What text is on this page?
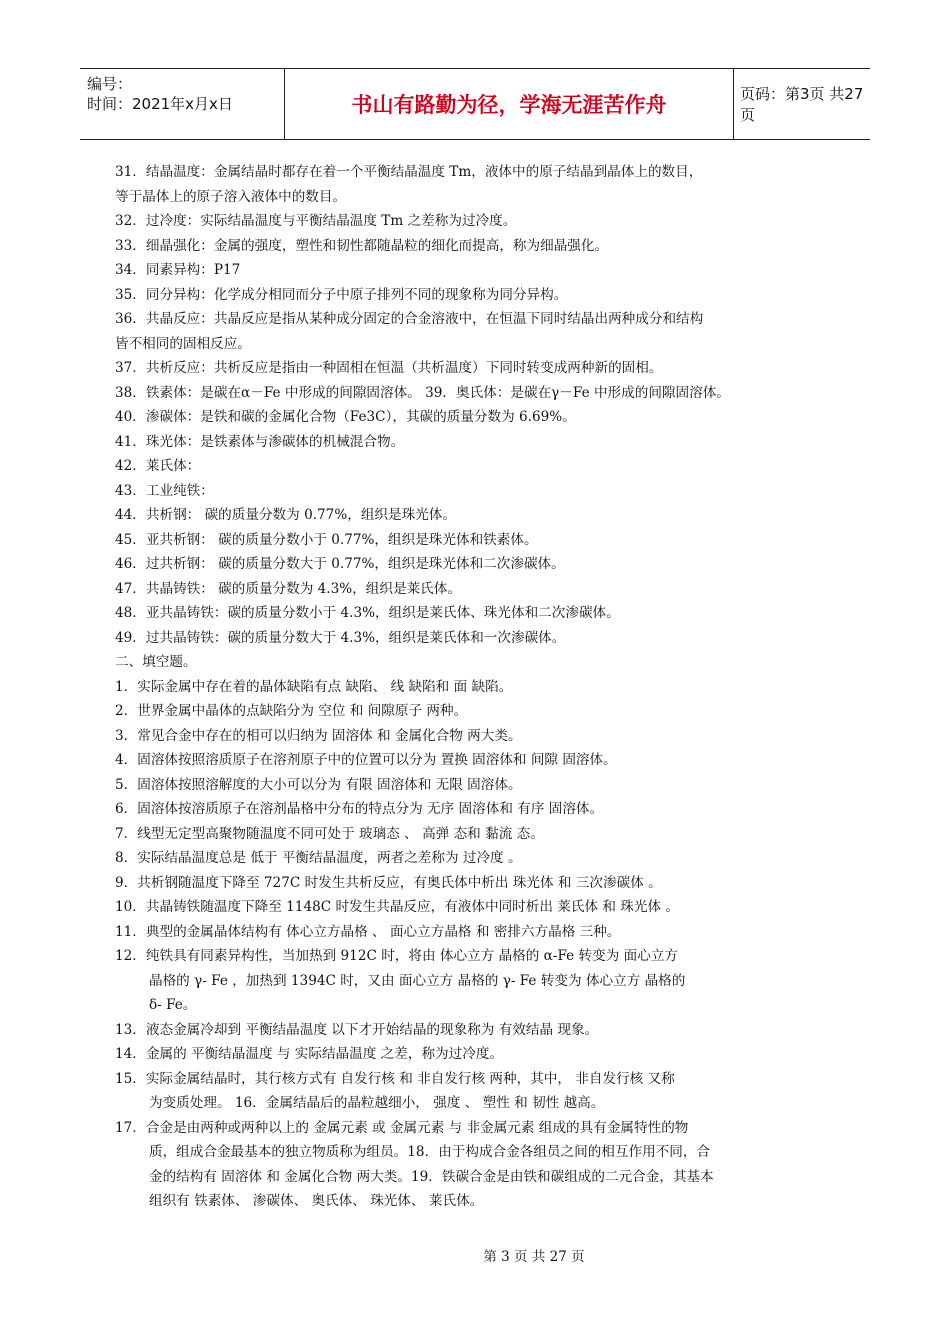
编号：
时间：2021年x月x日	书山有路勤为径，学海无涯苦作舟	页码：第3页 共27页
31．结晶温度：金属结晶时都存在着一个平衡结晶温度 Tm，液体中的原子结晶到晶体上的数目，
等于晶体上的原子溶入液体中的数目。
32．过冷度：实际结晶温度与平衡结晶温度 Tm 之差称为过冷度。
33．细晶强化：金属的强度，塑性和韧性都随晶粒的细化而提高，称为细晶强化。
34．同素异构：P17
35．同分异构：化学成分相同而分子中原子排列不同的现象称为同分异构。
36．共晶反应：共晶反应是指从某种成分固定的合金溶液中，在恒温下同时结晶出两种成分和结构
皆不相同的固相反应。
37．共析反应：共析反应是指由一种固相在恒温（共析温度）下同时转变成两种新的固相。
38．铁素体：是碳在α－Fe 中形成的间隙固溶体。 39．奥氏体：是碳在γ－Fe 中形成的间隙固溶体。
40．渗碳体：是铁和碳的金属化合物（Fe3C），其碳的质量分数为 6.69%。
41．珠光体：是铁素体与渗碳体的机械混合物。
42．莱氏体：
43．工业纯铁：
44．共析钢： 碳的质量分数为 0.77%，组织是珠光体。
45．亚共析钢： 碳的质量分数小于 0.77%，组织是珠光体和铁素体。
46．过共析钢： 碳的质量分数大于 0.77%，组织是珠光体和二次渗碳体。
47．共晶铸铁： 碳的质量分数为 4.3%，组织是莱氏体。
48．亚共晶铸铁：碳的质量分数小于 4.3%，组织是莱氏体、珠光体和二次渗碳体。
49．过共晶铸铁：碳的质量分数大于 4.3%，组织是莱氏体和一次渗碳体。
二、填空题。
1．实际金属中存在着的晶体缺陷有点 缺陷、 线 缺陷和 面 缺陷。
2．世界金属中晶体的点缺陷分为 空位 和 间隙原子 两种。
3．常见合金中存在的相可以归纳为 固溶体 和 金属化合物 两大类。
4．固溶体按照溶质原子在溶剂原子中的位置可以分为 置换 固溶体和 间隙 固溶体。
5．固溶体按照溶解度的大小可以分为 有限 固溶体和 无限 固溶体。
6．固溶体按溶质原子在溶剂晶格中分布的特点分为 无序 固溶体和 有序 固溶体。
7．线型无定型高聚物随温度不同可处于 玻璃态 、 高弹 态和 黏流 态。
8．实际结晶温度总是 低于 平衡结晶温度，两者之差称为 过冷度 。
9．共析钢随温度下降至 727C 时发生共析反应，有奥氏体中析出 珠光体 和 三次渗碳体 。
10．共晶铸铁随温度下降至 1148C 时发生共晶反应，有液体中同时析出 莱氏体 和 珠光体 。
11．典型的金属晶体结构有 体心立方晶格 、 面心立方晶格 和 密排六方晶格 三种。
12．纯铁具有同素异构性，当加热到 912C 时，将由 体心立方 晶格的 α-Fe 转变为 面心立方
晶格的 γ- Fe ，加热到 1394C 时，又由 面心立方 晶格的 γ- Fe 转变为 体心立方 晶格的
δ- Fe。
13．液态金属冷却到 平衡结晶温度 以下才开始结晶的现象称为 有效结晶 现象。
14．金属的 平衡结晶温度 与 实际结晶温度 之差，称为过冷度。
15．实际金属结晶时，其行核方式有 自发行核 和 非自发行核 两种，其中， 非自发行核 又称
为变质处理。 16．金属结晶后的晶粒越细小， 强度 、 塑性 和 韧性 越高。
17．合金是由两种或两种以上的 金属元素 或 金属元素 与 非金属元素 组成的具有金属特性的物
质，组成合金最基本的独立物质称为组员。18．由于构成合金各组员之间的相互作用不同，合
金的结构有 固溶体 和 金属化合物 两大类。19．铁碳合金是由铁和碳组成的二元合金，其基本
组织有 铁素体、 渗碳体、 奥氏体、 珠光体、 莱氏体。
第 3 页 共 27 页
